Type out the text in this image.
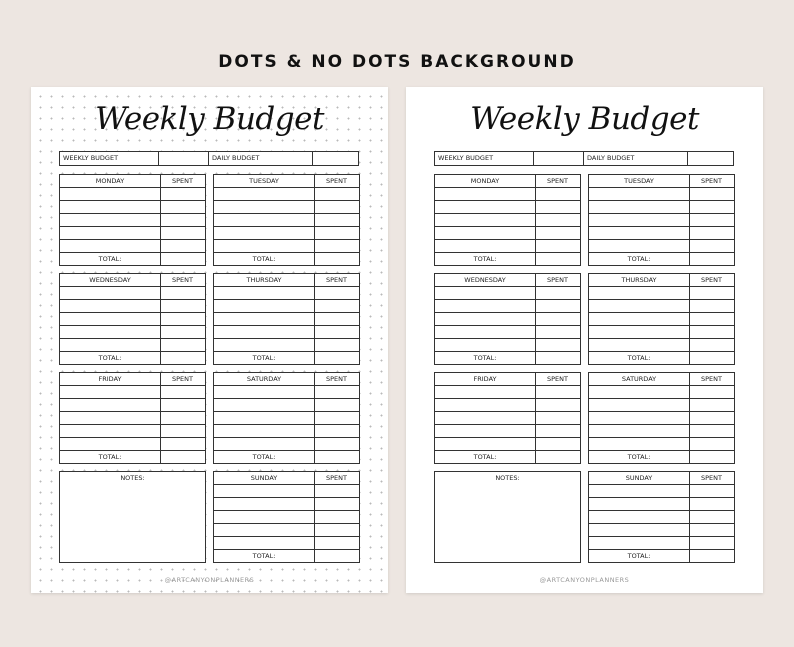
DOTS & NO DOTS BACKGROUND
Weekly Budget
WEEKLY BUDGET	DAILY BUDGET
MONDAY	SPENT
TOTAL:
TUESDAY	SPENT
TOTAL:
WEDNESDAY	SPENT
TOTAL:
THURSDAY	SPENT
TOTAL:
FRIDAY	SPENT
TOTAL:
SATURDAY	SPENT
TOTAL:
SUNDAY	SPENT
TOTAL:
NOTES:
@ARTCANYONPLANNERS
Weekly Budget
WEEKLY BUDGET	DAILY BUDGET
MONDAY	SPENT
TOTAL:
TUESDAY	SPENT
TOTAL:
WEDNESDAY	SPENT
TOTAL:
THURSDAY	SPENT
TOTAL:
FRIDAY	SPENT
TOTAL:
SATURDAY	SPENT
TOTAL:
SUNDAY	SPENT
TOTAL:
NOTES:
@ARTCANYONPLANNERS
